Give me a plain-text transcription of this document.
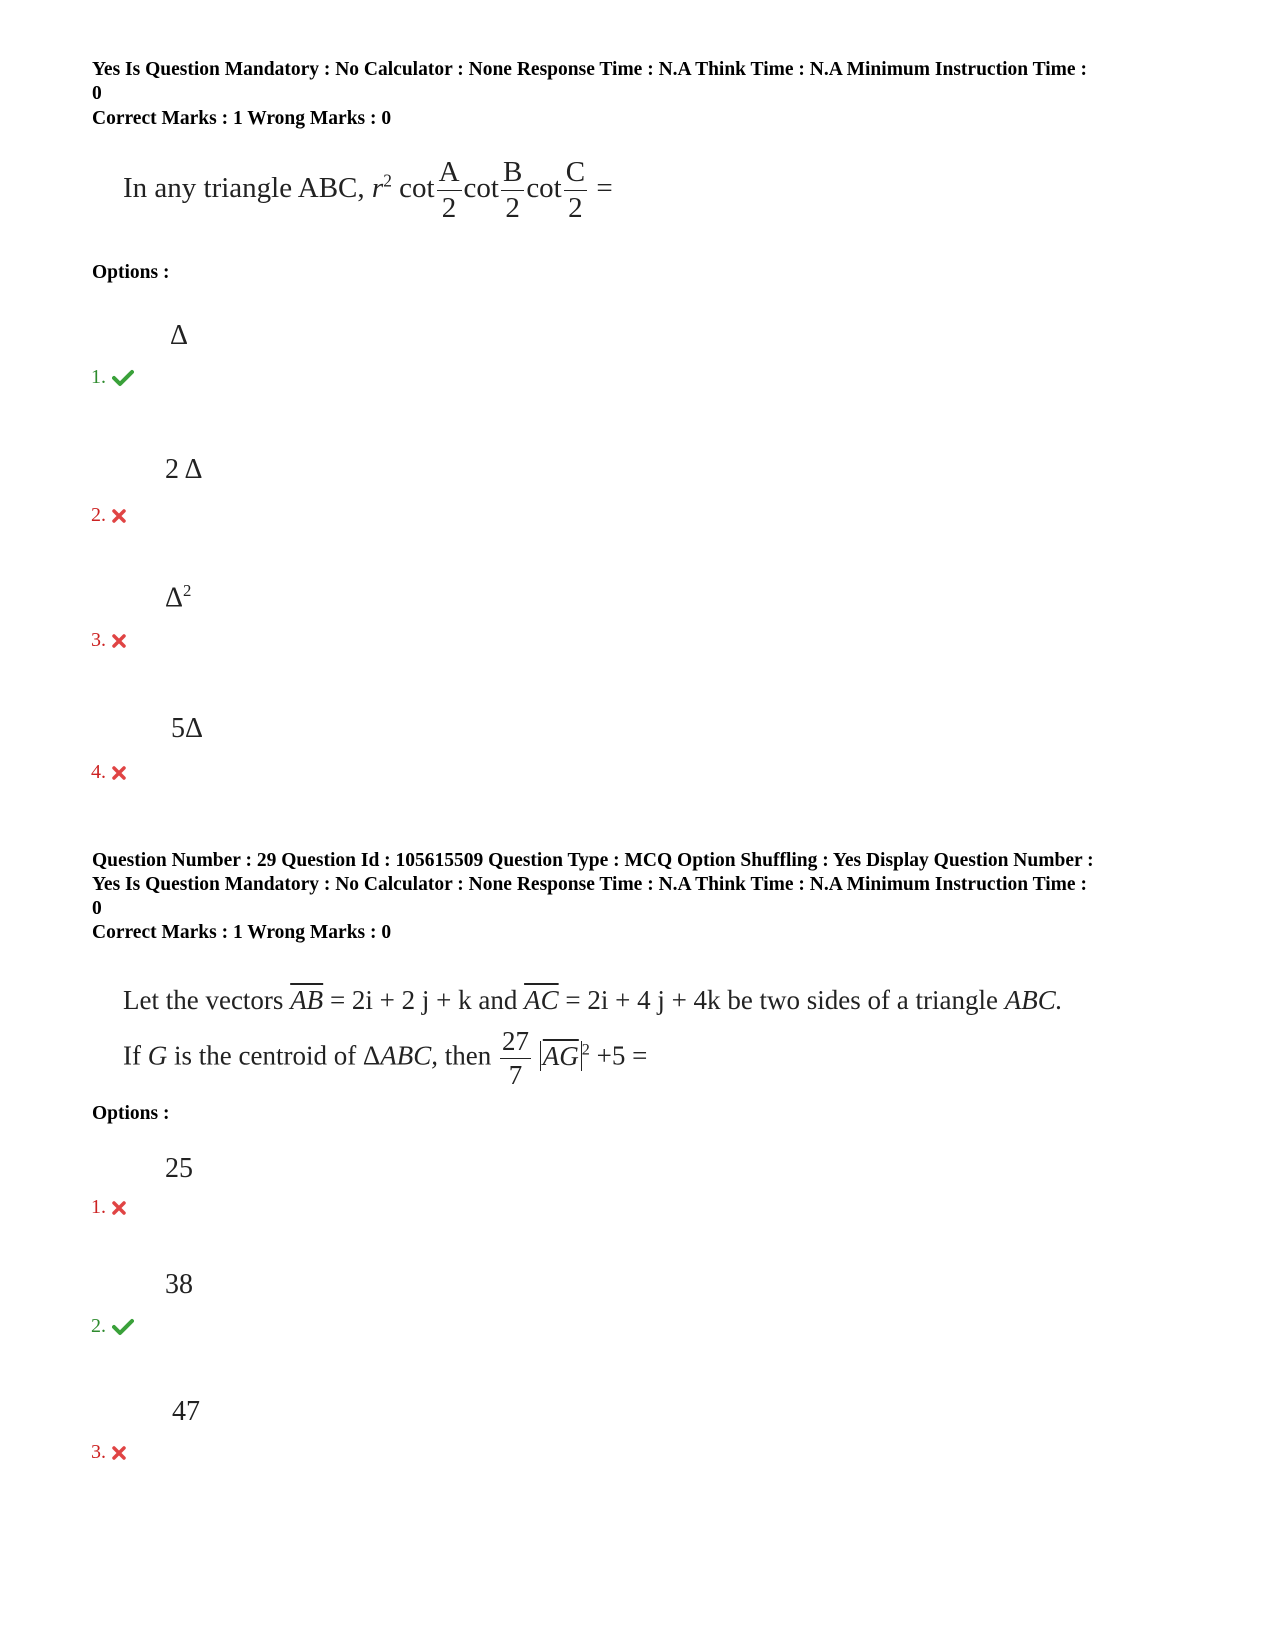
Yes Is Question Mandatory : No Calculator : None Response Time : N.A Think Time : N.A Minimum Instruction Time :

0

Correct Marks : 1 Wrong Marks : 0
In any triangle ABC, $r^2$ $\cot \frac{A}{2}$ $\cot \frac{B}{2}$ $\cot \frac{C}{2}$ =
Options :
Δ
1.
2 Δ
2.
$\Delta^2$
3.
5Δ
4.

Question Number : 29 Question Id : 105615509 Question Type : MCQ Option Shuffling : Yes Display Question Number :

Yes Is Question Mandatory : No Calculator : None Response Time : N.A Think Time : N.A Minimum Instruction Time :

0

Correct Marks : 1 Wrong Marks : 0
Let the vectors $\overline{AB} = 2i + 2$ j + k and $\overline{AC} = 2i + 4$ j + 4k be two sides of a triangle ABC.
If G is the centroid of ΔABC, then $\frac{27}{7} \overline{AG}$ $^2$ +5 =
Options :
25
1.
38
2.
47
3.
